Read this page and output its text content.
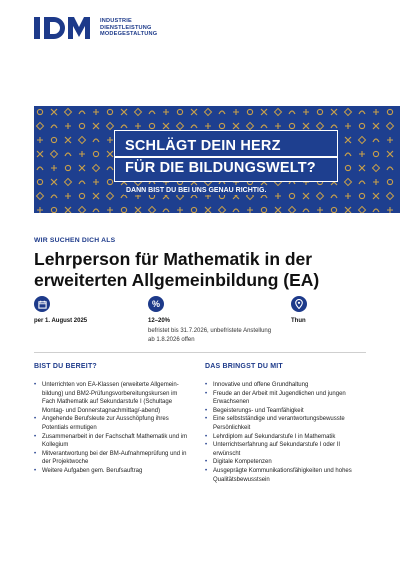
INDUSTRIE
DIENSTLEISTUNG
MODEGESTALTUNG
SCHLÄGT DEIN HERZ
FÜR DIE BILDUNGSWELT?
DANN BIST DU BEI UNS GENAU RICHTIG.
WIR SUCHEN DICH ALS
Lehrperson für Mathematik in der erweiterten Allgemeinbildung (EA)
per 1. August 2025
%
12–20%
befristet bis 31.7.2026, unbefristete Anstellung ab 1.8.2026 offen
Thun
BIST DU BEREIT?
• Unterrichten von EA-Klassen (erweiterte Allgemein-bildung) und BM2-Prüfungsvorbereitungskursen im Fach Mathematik auf Sekundarstufe I (Schultage Montag- und Donnerstagnachmittag/-abend)
• Angehende Berufsleute zur Ausschöpfung ihres Potentials ermutigen
• Zusammenarbeit in der Fachschaft Mathematik und im Kollegium
• Mitverantwortung bei der BM-Aufnahmeprüfung und in der Projektwoche
• Weitere Aufgaben gem. Berufsauftrag
DAS BRINGST DU MIT
• Innovative und offene Grundhaltung
• Freude an der Arbeit mit Jugendlichen und jungen Erwachsenen
• Begeisterungs- und Teamfähigkeit
• Eine selbstständige und verantwortungsbewusste Persönlichkeit
• Lehrdiplom auf Sekundarstufe I in Mathematik
• Unterrichtserfahrung auf Sekundarstufe I oder II erwünscht
• Digitale Kompetenzen
• Ausgeprägte Kommunikationsfähigkeiten und hohes Qualitätsbewusstsein
